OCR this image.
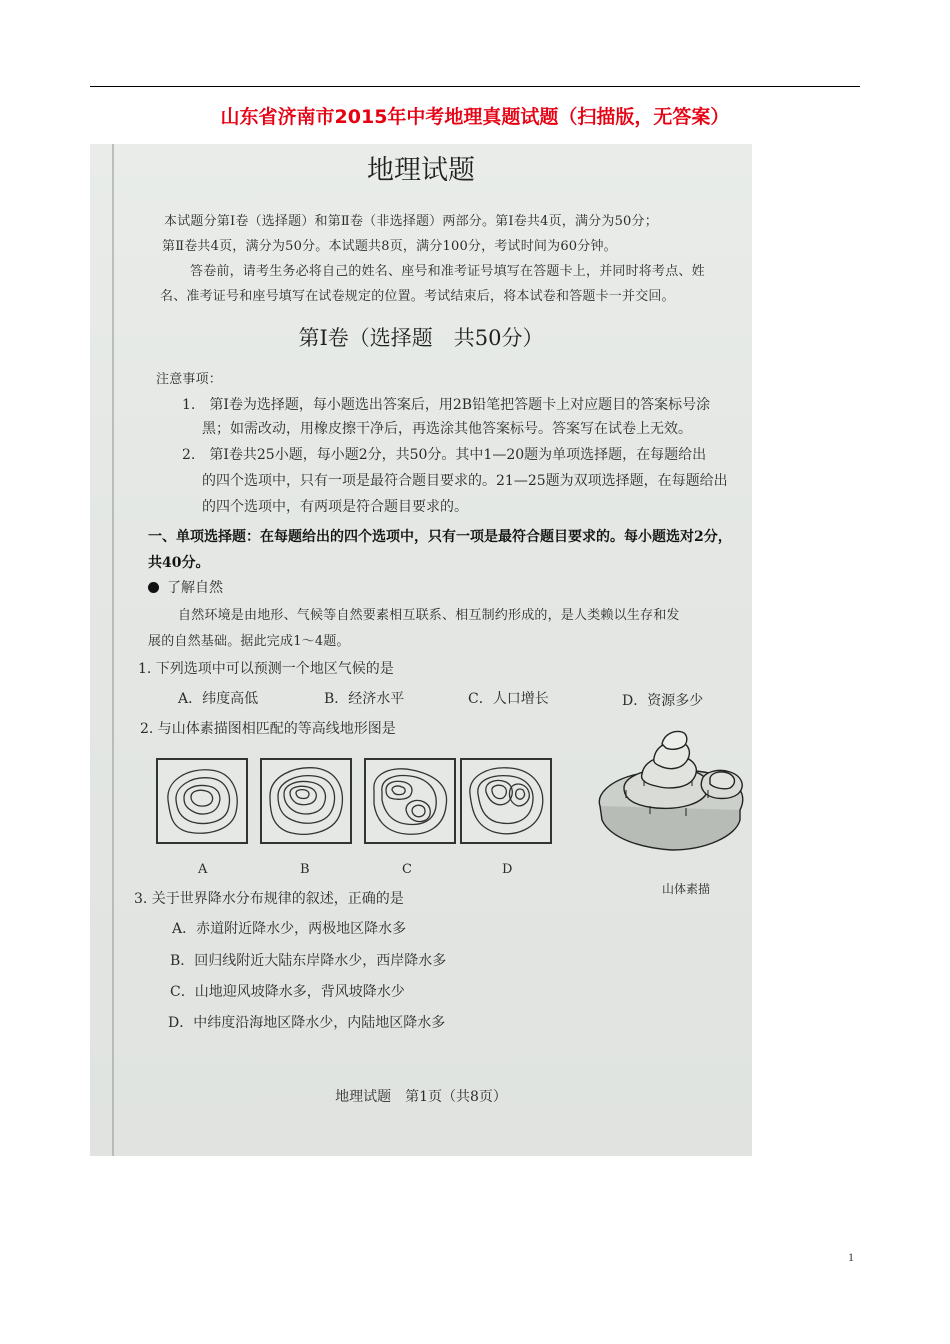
山东省济南市2015年中考地理真题试题（扫描版，无答案）
地理试题
本试题分第Ⅰ卷（选择题）和第Ⅱ卷（非选择题）两部分。第Ⅰ卷共4页，满分为50分；
第Ⅱ卷共4页，满分为50分。本试题共8页，满分100分，考试时间为60分钟。
答卷前，请考生务必将自己的姓名、座号和准考证号填写在答题卡上，并同时将考点、姓
名、准考证号和座号填写在试卷规定的位置。考试结束后，将本试卷和答题卡一并交回。
第Ⅰ卷（选择题　共50分）
注意事项：
1.　第Ⅰ卷为选择题，每小题选出答案后，用2B铅笔把答题卡上对应题目的答案标号涂
黑；如需改动，用橡皮擦干净后，再选涂其他答案标号。答案写在试卷上无效。
2.　第Ⅰ卷共25小题，每小题2分，共50分。其中1—20题为单项选择题，在每题给出
的四个选项中，只有一项是最符合题目要求的。21—25题为双项选择题，在每题给出
的四个选项中，有两项是符合题目要求的。
一、单项选择题：在每题给出的四个选项中，只有一项是最符合题目要求的。每小题选对2分，
共40分。
了解自然
自然环境是由地形、气候等自然要素相互联系、相互制约形成的，是人类赖以生存和发
展的自然基础。据此完成1～4题。
1. 下列选项中可以预测一个地区气候的是
A．纬度高低	B．经济水平	C．人口增长	D．资源多少
2. 与山体素描图相匹配的等高线地形图是
A	B	C	D
山体素描
3. 关于世界降水分布规律的叙述，正确的是
A．赤道附近降水少，两极地区降水多
B．回归线附近大陆东岸降水少，西岸降水多
C．山地迎风坡降水多，背风坡降水少
D．中纬度沿海地区降水少，内陆地区降水多
地理试题　第1页（共8页）
1
